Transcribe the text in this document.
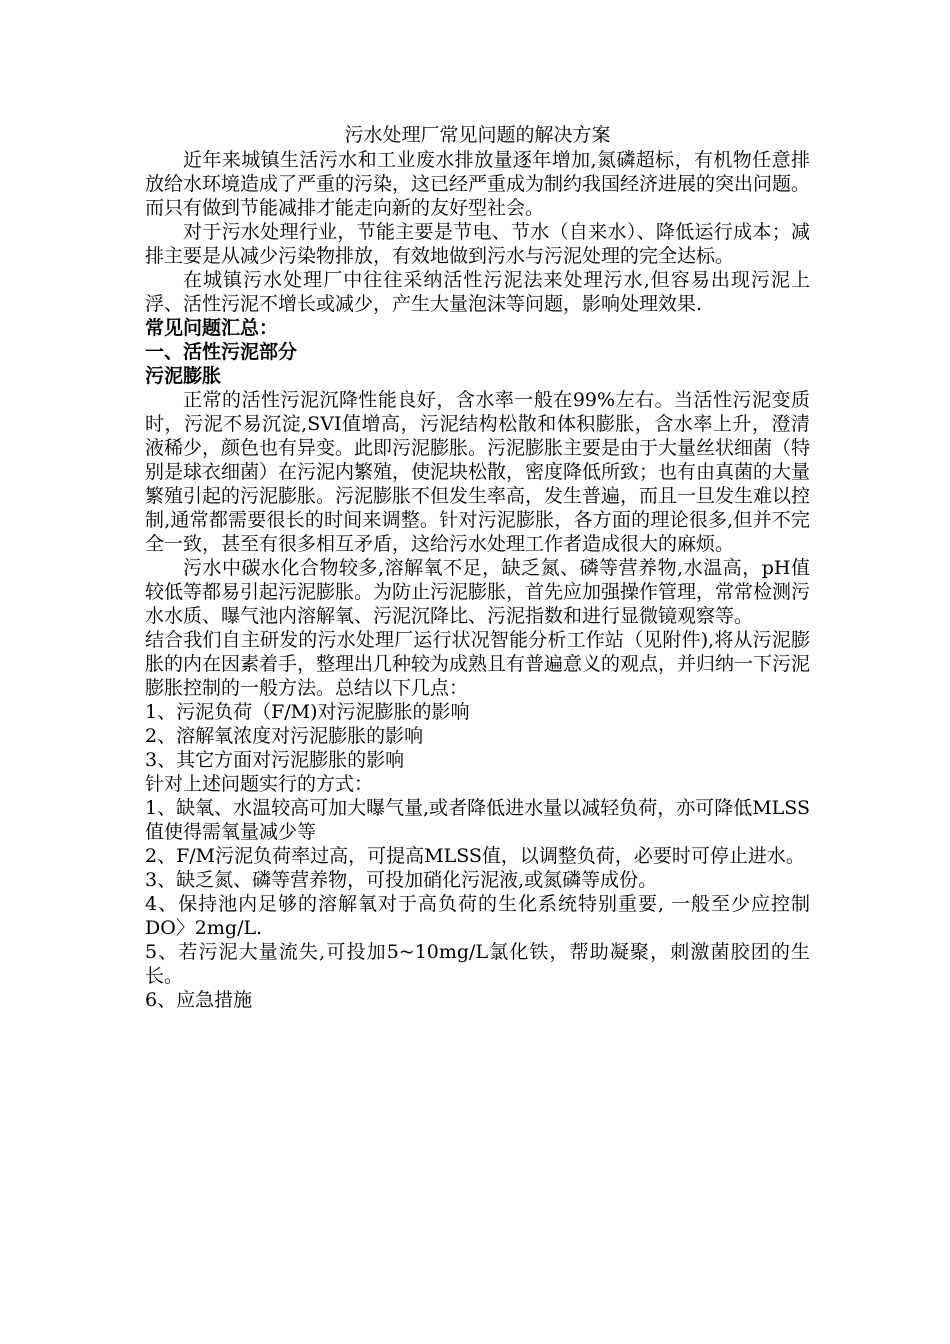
污水处理厂常见问题的解决方案

近年来城镇生活污水和工业废水排放量逐年增加,氮磷超标，有机物任意排放给水环境造成了严重的污染，这已经严重成为制约我国经济进展的突出问题。而只有做到节能减排才能走向新的友好型社会。

对于污水处理行业，节能主要是节电、节水（自来水）、降低运行成本；减排主要是从减少污染物排放，有效地做到污水与污泥处理的完全达标。

在城镇污水处理厂中往往采纳活性污泥法来处理污水,但容易出现污泥上浮、活性污泥不增长或减少，产生大量泡沫等问题，影响处理效果.

常见问题汇总：

一、活性污泥部分

污泥膨胀

正常的活性污泥沉降性能良好，含水率一般在99%左右。当活性污泥变质时，污泥不易沉淀,SVI值增高，污泥结构松散和体积膨胀，含水率上升，澄清液稀少，颜色也有异变。此即污泥膨胀。污泥膨胀主要是由于大量丝状细菌（特别是球衣细菌）在污泥内繁殖，使泥块松散，密度降低所致；也有由真菌的大量繁殖引起的污泥膨胀。污泥膨胀不但发生率高，发生普遍，而且一旦发生难以控制,通常都需要很长的时间来调整。针对污泥膨胀，各方面的理论很多,但并不完全一致，甚至有很多相互矛盾，这给污水处理工作者造成很大的麻烦。

污水中碳水化合物较多,溶解氧不足，缺乏氮、磷等营养物,水温高，pH值较低等都易引起污泥膨胀。为防止污泥膨胀，首先应加强操作管理，常常检测污水水质、曝气池内溶解氧、污泥沉降比、污泥指数和进行显微镜观察等。

结合我们自主研发的污水处理厂运行状况智能分析工作站（见附件),将从污泥膨胀的内在因素着手，整理出几种较为成熟且有普遍意义的观点，并归纳一下污泥膨胀控制的一般方法。总结以下几点：

1、污泥负荷（F/M)对污泥膨胀的影响

2、溶解氧浓度对污泥膨胀的影响

3、其它方面对污泥膨胀的影响

针对上述问题实行的方式：

1、缺氧、水温较高可加大曝气量,或者降低进水量以减轻负荷，亦可降低MLSS值使得需氧量减少等

2、F/M污泥负荷率过高，可提高MLSS值，以调整负荷，必要时可停止进水。

3、缺乏氮、磷等营养物，可投加硝化污泥液,或氮磷等成份。

4、保持池内足够的溶解氧对于高负荷的生化系统特别重要, 一般至少应控制DO〉2mg/L.

5、若污泥大量流失,可投加5~10mg/L氯化铁，帮助凝聚，刺激菌胶团的生长。

6、应急措施
